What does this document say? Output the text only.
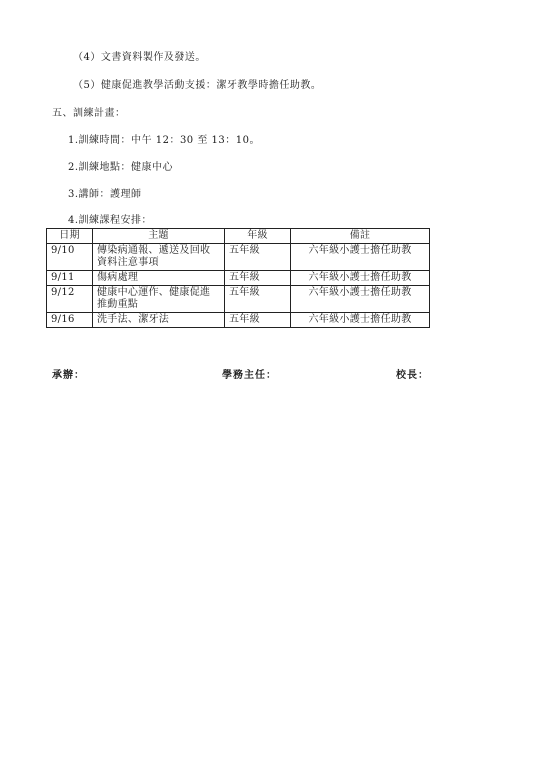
（4）文書資料製作及發送。
（5）健康促進教學活動支援：潔牙教學時擔任助教。
五、訓練計畫：
1.訓練時間：中午 12：30 至 13：10。
2.訓練地點：健康中心
3.講師：護理師
4.訓練課程安排：
日期	主題	年級	備註
9/10	傳染病通報、遞送及回收資料注意事項	五年級	六年級小護士擔任助教
9/11	傷病處理	五年級	六年級小護士擔任助教
9/12	健康中心運作、健康促進推動重點	五年級	六年級小護士擔任助教
9/16	洗手法、潔牙法	五年級	六年級小護士擔任助教
承辦：	學務主任：	校長：
